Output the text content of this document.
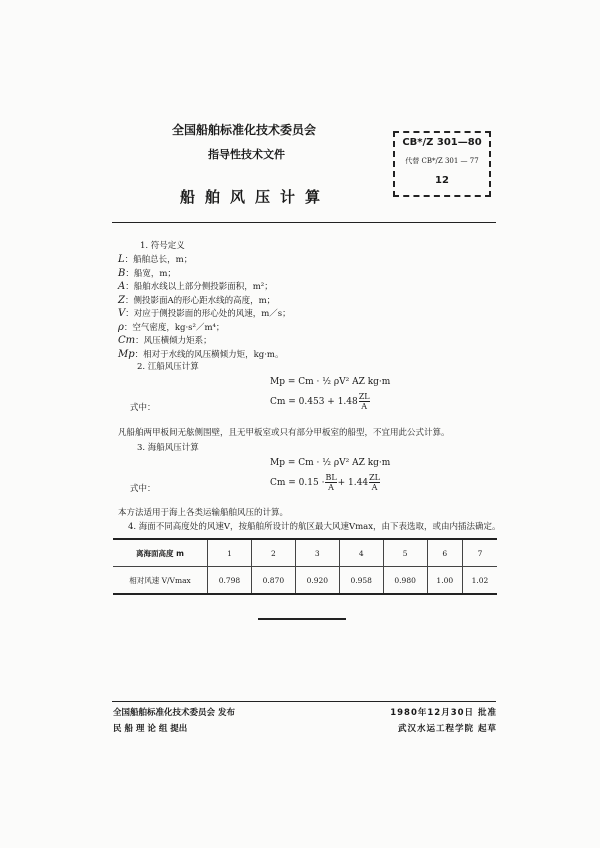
全国船舶标准化技术委员会
指导性技术文件
船舶风压计算
CB*/Z 301—80
代替 CB*/Z 301 — 77
12
1. 符号定义
L：船舶总长，m；
B：船宽，m；
A：船舶水线以上部分侧投影面积，m²；
Z：侧投影面A的形心距水线的高度，m；
V：对应于侧投影面的形心处的风速，m／s；
ρ：空气密度，kg·s²／m⁴；
Cm：风压横倾力矩系；
Mp：相对于水线的风压横倾力矩，kg·m。
2. 江船风压计算
Mp = Cm · ½ ρV² AZ kg·m
式中：
$Cm = 0.453 + 1.48 \frac{ZL}{A}$
凡船舶两甲板间无舷侧围壁，且无甲板室或只有部分甲板室的船型，不宜用此公式计算。
3. 海船风压计算
Mp = Cm · ½ ρV² AZ kg·m
式中：
$Cm = 0.15 \cdot \frac{BL}{A} + 1.44 \frac{ZL}{A}$
本方法适用于海上各类运输船舶风压的计算。
4. 海面不同高度处的风速V，按船舶所设计的航区最大风速Vmax，由下表选取，或由内插法确定。
离海面高度 m	1	2	3	4	5	6	7
相对风速 V/Vmax	0.798	0.870	0.920	0.958	0.980	1.00	1.02
全国船舶标准化技术委员会 发布
民 船 理 论 组 提出
1980年12月30日 批准
武汉水运工程学院 起草
